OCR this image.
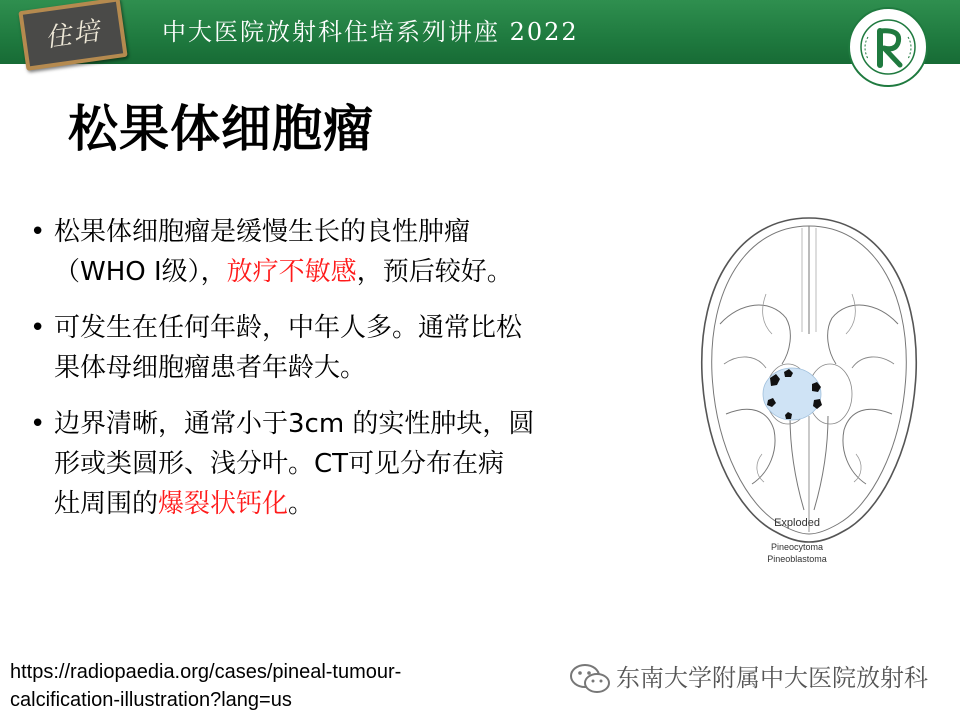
住培	中大医院放射科住培系列讲座 2022
松果体细胞瘤
• 松果体细胞瘤是缓慢生长的良性肿瘤
（WHO I级），放疗不敏感，预后较好。
• 可发生在任何年龄，中年人多。通常比松
果体母细胞瘤患者年龄大。
• 边界清晰，通常小于3cm 的实性肿块，圆
形或类圆形、浅分叶。CT可见分布在病
灶周围的爆裂状钙化。
Exploded
Pineocytoma
Pineoblastoma
https://radiopaedia.org/cases/pineal-tumour-
calcification-illustration?lang=us
东南大学附属中大医院放射科
